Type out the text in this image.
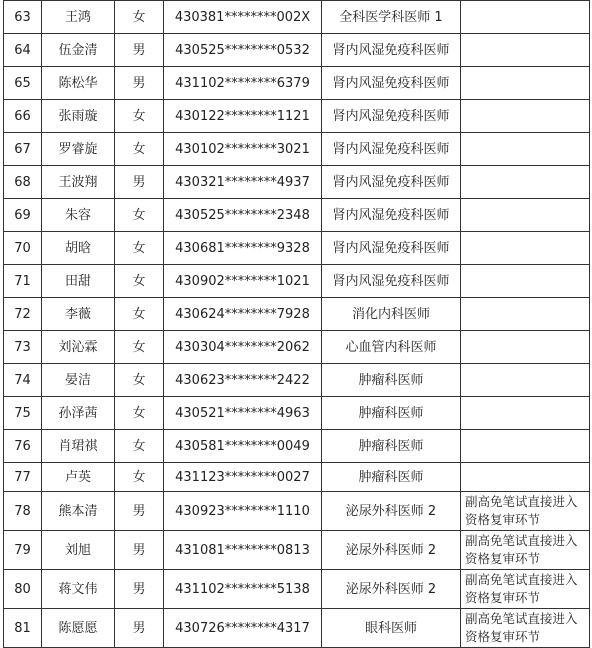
63	王鸿	女	430381********002X	全科医学科医师 1	
64	伍金清	男	430525********0532	肾内风湿免疫科医师	
65	陈松华	男	431102********6379	肾内风湿免疫科医师	
66	张雨璇	女	430122********1121	肾内风湿免疫科医师	
67	罗睿旋	女	430102********3021	肾内风湿免疫科医师	
68	王波翔	男	430321********4937	肾内风湿免疫科医师	
69	朱容	女	430525********2348	肾内风湿免疫科医师	
70	胡晗	女	430681********9328	肾内风湿免疫科医师	
71	田甜	女	430902********1021	肾内风湿免疫科医师	
72	李薇	女	430624********7928	消化内科医师	
73	刘沁霖	女	430304********2062	心血管内科医师	
74	晏洁	女	430623********2422	肿瘤科医师	
75	孙泽茜	女	430521********4963	肿瘤科医师	
76	肖珺祺	女	430581********0049	肿瘤科医师	
77	卢英	女	431123********0027	肿瘤科医师	
78	熊本清	男	430923********1110	泌尿外科医师 2	副高免笔试直接进入资格复审环节
79	刘旭	男	431081********0813	泌尿外科医师 2	副高免笔试直接进入资格复审环节
80	蒋文伟	男	431102********5138	泌尿外科医师 2	副高免笔试直接进入资格复审环节
81	陈愿愿	男	430726********4317	眼科医师	副高免笔试直接进入资格复审环节
